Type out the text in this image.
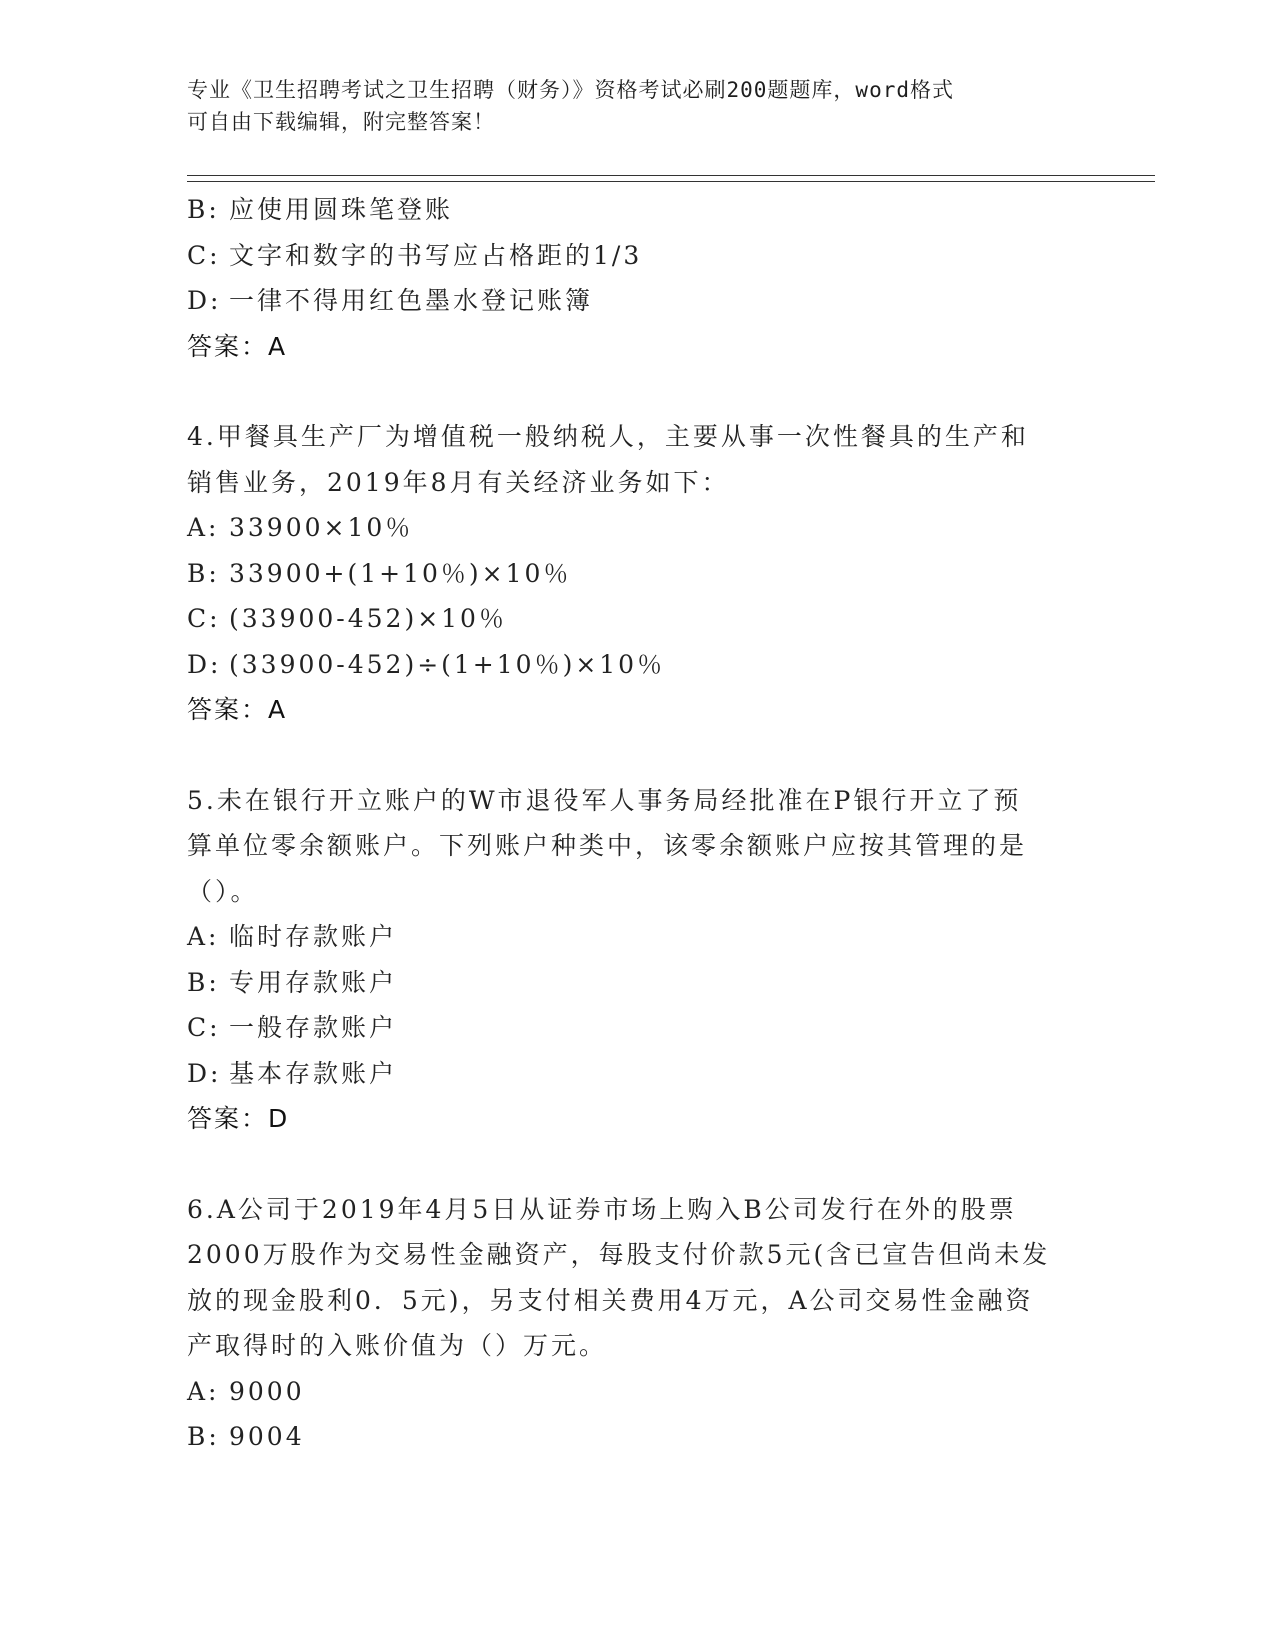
专业《卫生招聘考试之卫生招聘（财务）》资格考试必刷200题题库，word格式
可自由下载编辑，附完整答案！
B: 应使用圆珠笔登账
C: 文字和数字的书写应占格距的1/3
D: 一律不得用红色墨水登记账簿
答案：A
4.甲餐具生产厂为增值税一般纳税人，主要从事一次性餐具的生产和
销售业务，2019年8月有关经济业务如下：
A: 33900×10％
B: 33900+(1+10％)×10％
C: (33900-452)×10％
D: (33900-452)÷(1+10％)×10％
答案：A
5.未在银行开立账户的W市退役军人事务局经批准在P银行开立了预
算单位零余额账户。下列账户种类中，该零余额账户应按其管理的是
（）。
A: 临时存款账户
B: 专用存款账户
C: 一般存款账户
D: 基本存款账户
答案：D
6.A公司于2019年4月5日从证券市场上购入B公司发行在外的股票
2000万股作为交易性金融资产，每股支付价款5元(含已宣告但尚未发
放的现金股利0．5元)，另支付相关费用4万元，A公司交易性金融资
产取得时的入账价值为（）万元。
A: 9000
B: 9004
